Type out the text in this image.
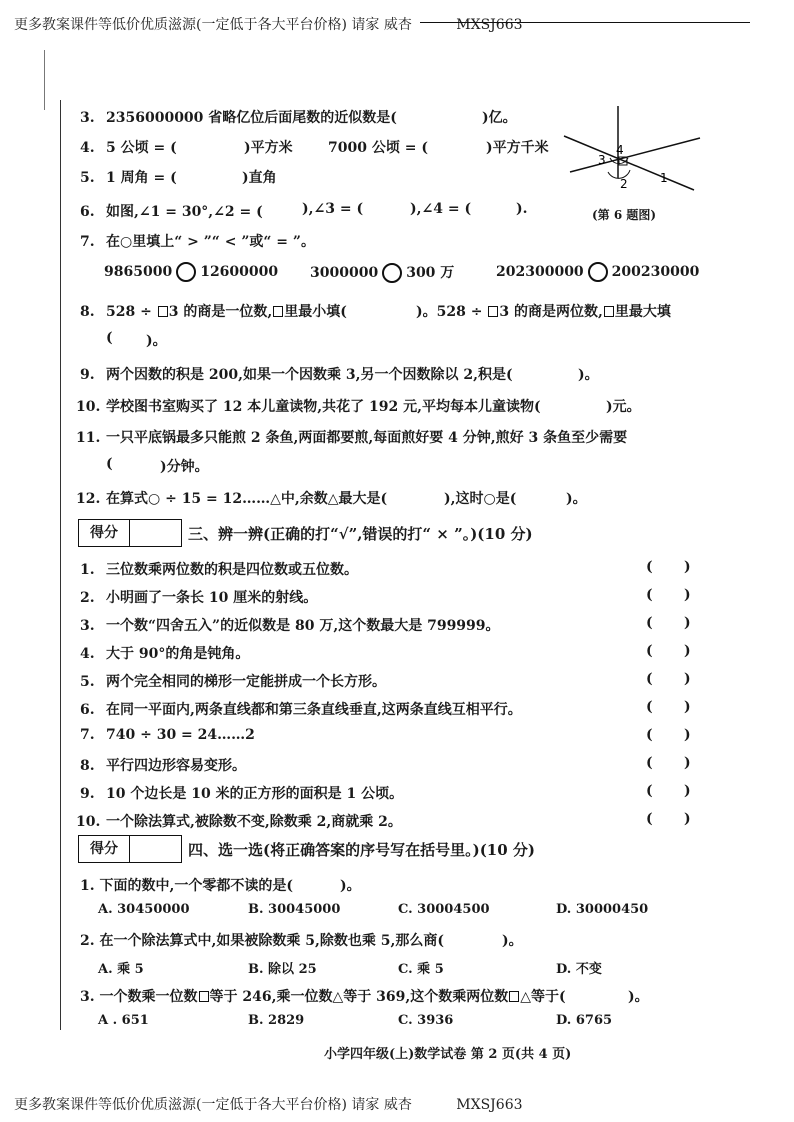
更多教案课件等低价优质滋源(一定低于各大平台价格) 请家 威杏	MXSJ663
3. 2356000000 省略亿位后面尾数的近似数是(	)亿。
4. 5 公顷 = (	)平方米	7000 公顷 = (	)平方千米
5. 1 周角 = (	)直角
6. 如图,∠1 = 30°,∠2 = (	),∠3 = (	),∠4 = (	).
4
3
2	1
(第 6 题图)
7. 在○里填上“ > ”“ < ”或“ = ”。
9865000 12600000 3000000 300 万	202300000 200230000
8. 528 ÷ 3 的商是一位数, 里最小填(	)。528 ÷ 3 的商是两位数, 里最大填
( )。
9. 两个因数的积是 200,如果一个因数乘 3,另一个因数除以 2,积是(	)。
10. 学校图书室购买了 12 本儿童读物,共花了 192 元,平均每本儿童读物(	)元。
11. 一只平底锅最多只能煎 2 条鱼,两面都要煎,每面煎好要 4 分钟,煎好 3 条鱼至少需要
(	)分钟。
12. 在算式○ ÷ 15 = 12……△中,余数△最大是(	),这时○是(	)。
得分	三、辨一辨(正确的打“√”,错误的打“ × ”。)(10 分)
1. 三位数乘两位数的积是四位数或五位数。	( )
2. 小明画了一条长 10 厘米的射线。	( )
3. 一个数“四舍五入”的近似数是 80 万,这个数最大是 799999。	( )
4. 大于 90°的角是钝角。	( )
5. 两个完全相同的梯形一定能拼成一个长方形。	( )
6. 在同一平面内,两条直线都和第三条直线垂直,这两条直线互相平行。	( )
7. 740 ÷ 30 = 24……2	( )
8. 平行四边形容易变形。	( )
9. 10 个边长是 10 米的正方形的面积是 1 公顷。	( )
10. 一个除法算式,被除数不变,除数乘 2,商就乘 2。	( )
得分	四、选一选(将正确答案的序号写在括号里。)(10 分)
1. 下面的数中,一个零都不读的是(	)。
A. 30450000	B. 30045000	C. 30004500	D. 30000450
2. 在一个除法算式中,如果被除数乘 5,除数也乘 5,那么商(	)。
A. 乘 5	B. 除以 25	C. 乘 5	D. 不变
3. 一个数乘一位数 等于 246,乘一位数△等于 369,这个数乘两位数 △等于(	)。
A . 651	B. 2829	C. 3936	D. 6765
小学四年级(上)数学试卷 第 2 页(共 4 页)
更多教案课件等低价优质滋源(一定低于各大平台价格) 请家 威杏	MXSJ663
